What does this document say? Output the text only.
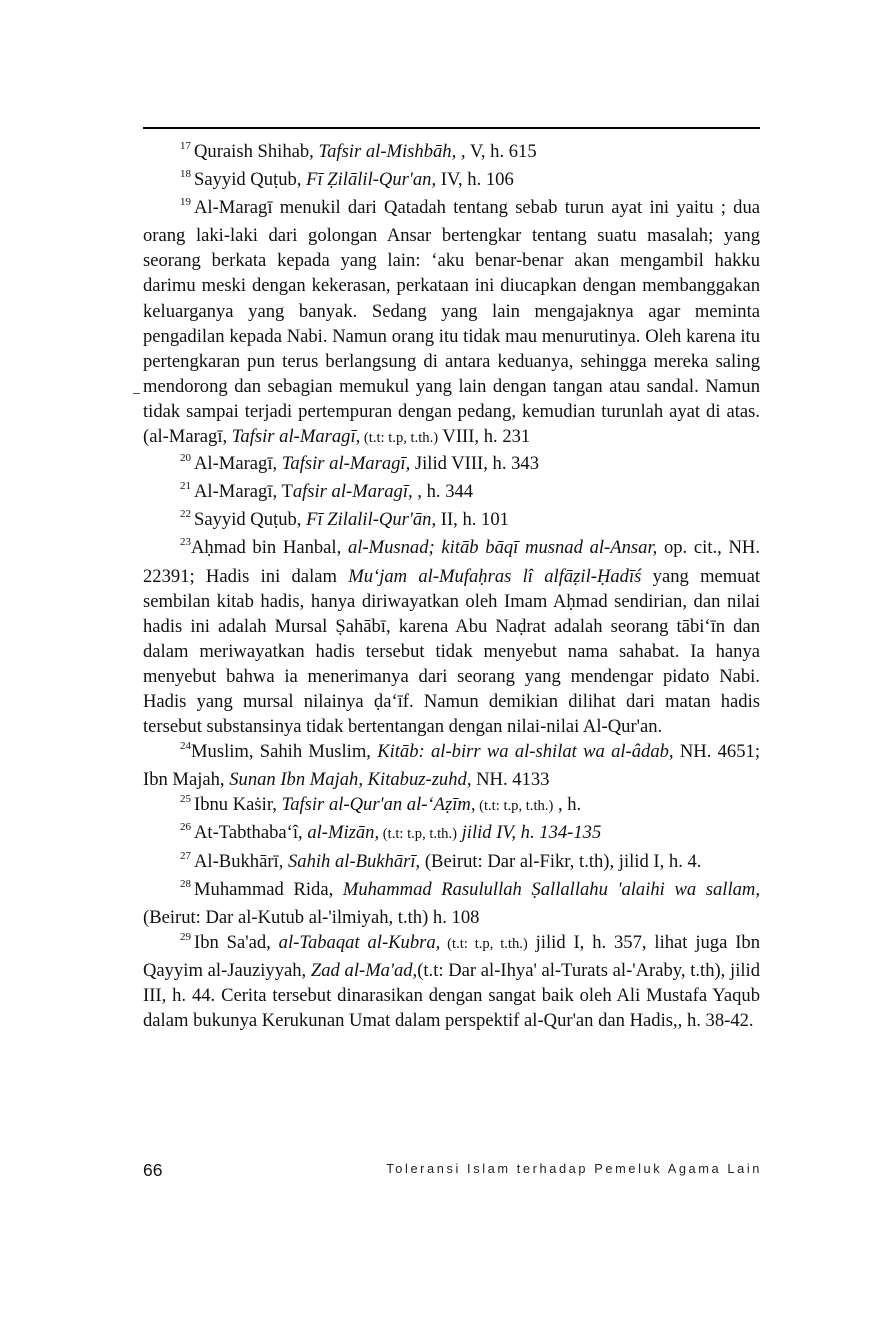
$^{17}$ Quraish Shihab, Tafsir al-Mishbāh, , V, h. 615

$^{18}$ Sayyid Quṭub, Fī Ẓilālil-Qur'an, IV, h. 106

$^{19}$ Al-Maragī menukil dari Qatadah tentang sebab turun ayat ini yaitu ; dua orang laki-laki dari golongan Ansar bertengkar tentang suatu masalah; yang seorang berkata kepada yang lain: ‘aku benar-benar akan mengambil hakku darimu meski dengan kekerasan, perkataan ini diucapkan dengan membanggakan keluarganya yang banyak. Sedang yang lain mengajaknya agar meminta pengadilan kepada Nabi. Namun orang itu tidak mau menurutinya. Oleh karena itu pertengkaran pun terus berlangsung di antara keduanya, sehingga mereka saling mendorong dan sebagian memukul yang lain dengan tangan atau sandal. Namun tidak sampai terjadi pertempuran dengan pedang, kemudian turunlah ayat di atas. (al-Maragī, Tafsir al-Maragī, (t.t: t.p, t.th.) VIII, h. 231

$^{20}$ Al-Maragī, Tafsir al-Maragī, Jilid VIII, h. 343

$^{21}$ Al-Maragī, Tafsir al-Maragī, , h. 344

$^{22}$ Sayyid Quṭub, Fī Zilalil-Qur'ān, II, h. 101

$^{23}$Aḥmad bin Hanbal, al-Musnad; kitāb bāqī musnad al-Ansar, op. cit., NH. 22391; Hadis ini dalam Mu‘jam al-Mufaḥras lî alfāẓil-Ḥadīś yang memuat sembilan kitab hadis, hanya diriwayatkan oleh Imam Aḥmad sendirian, dan nilai hadis ini adalah Mursal Ṣahābī, karena Abu Naḍrat adalah seorang tābi‘īn dan dalam meriwayatkan hadis tersebut tidak menyebut nama sahabat. Ia hanya menyebut bahwa ia menerimanya dari seorang yang mendengar pidato Nabi. Hadis yang mursal nilainya ḍa‘īf. Namun demikian dilihat dari matan hadis tersebut substansinya tidak bertentangan dengan nilai-nilai Al-Qur'an.

$^{24}$Muslim, Sahih Muslim, Kitāb: al-birr wa al-shilat wa al-âdab, NH. 4651; Ibn Majah, Sunan Ibn Majah, Kitabuz-zuhd, NH. 4133

$^{25}$ Ibnu Kaṡir, Tafsir al-Qur'an al-‘Aẓīm, (t.t: t.p, t.th.) , h.

$^{26}$ At-Tabthaba‘î, al-Mizān, (t.t: t.p, t.th.) jilid IV, h. 134-135

$^{27}$ Al-Bukhārī, Sahih al-Bukhārī, (Beirut: Dar al-Fikr, t.th), jilid I, h. 4.

$^{28}$ Muhammad Rida, Muhammad Rasulullah Ṣallallahu 'alaihi wa sallam, (Beirut: Dar al-Kutub al-'ilmiyah, t.th) h. 108

$^{29}$ Ibn Sa'ad, al-Tabaqat al-Kubra, (t.t: t.p, t.th.) jilid I, h. 357, lihat juga Ibn Qayyim al-Jauziyyah, Zad al-Ma'ad,(t.t: Dar al-Ihya' al-Turats al-'Araby, t.th), jilid III, h. 44. Cerita tersebut dinarasikan dengan sangat baik oleh Ali Mustafa Yaqub dalam bukunya Kerukunan Umat dalam perspektif al-Qur'an dan Hadis,, h. 38-42.

66	Toleransi Islam terhadap Pemeluk Agama Lain
